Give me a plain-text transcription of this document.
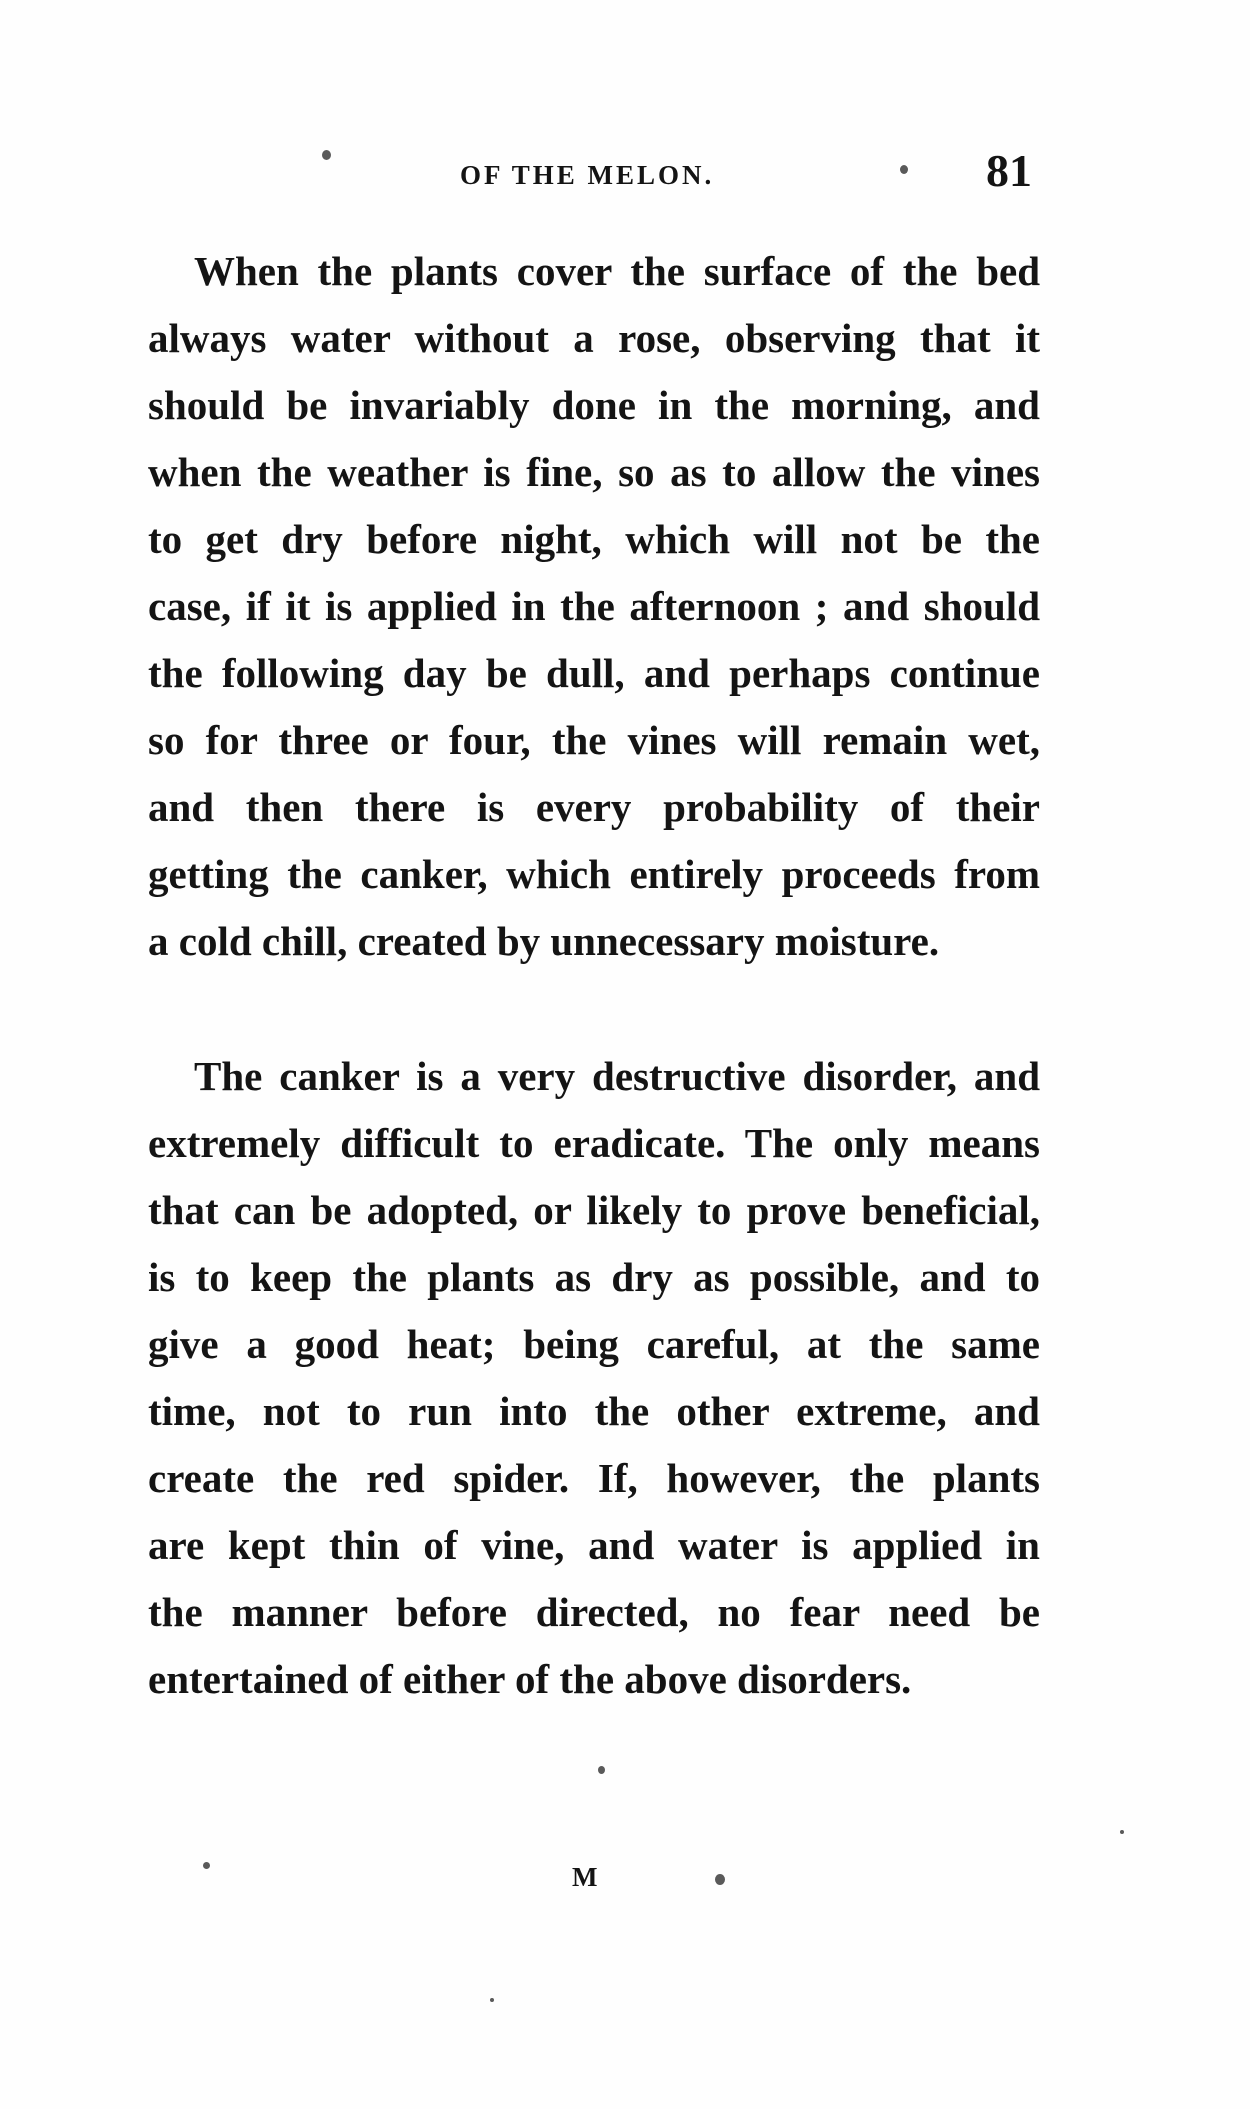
OF THE MELON.	81

When the plants cover the surface of the bed
always water without a rose, observing that it
should be invariably done in the morning, and
when the weather is fine, so as to allow the vines
to get dry before night, which will not be the
case, if it is applied in the afternoon ; and should
the following day be dull, and perhaps continue
so for three or four, the vines will remain wet,
and then there is every probability of their
getting the canker, which entirely proceeds from
a cold chill, created by unnecessary moisture.

The canker is a very destructive disorder, and
extremely difficult to eradicate. The only means
that can be adopted, or likely to prove beneficial,
is to keep the plants as dry as possible, and to
give a good heat; being careful, at the same
time, not to run into the other extreme, and
create the red spider. If, however, the plants
are kept thin of vine, and water is applied in
the manner before directed, no fear need be
entertained of either of the above disorders.

M
